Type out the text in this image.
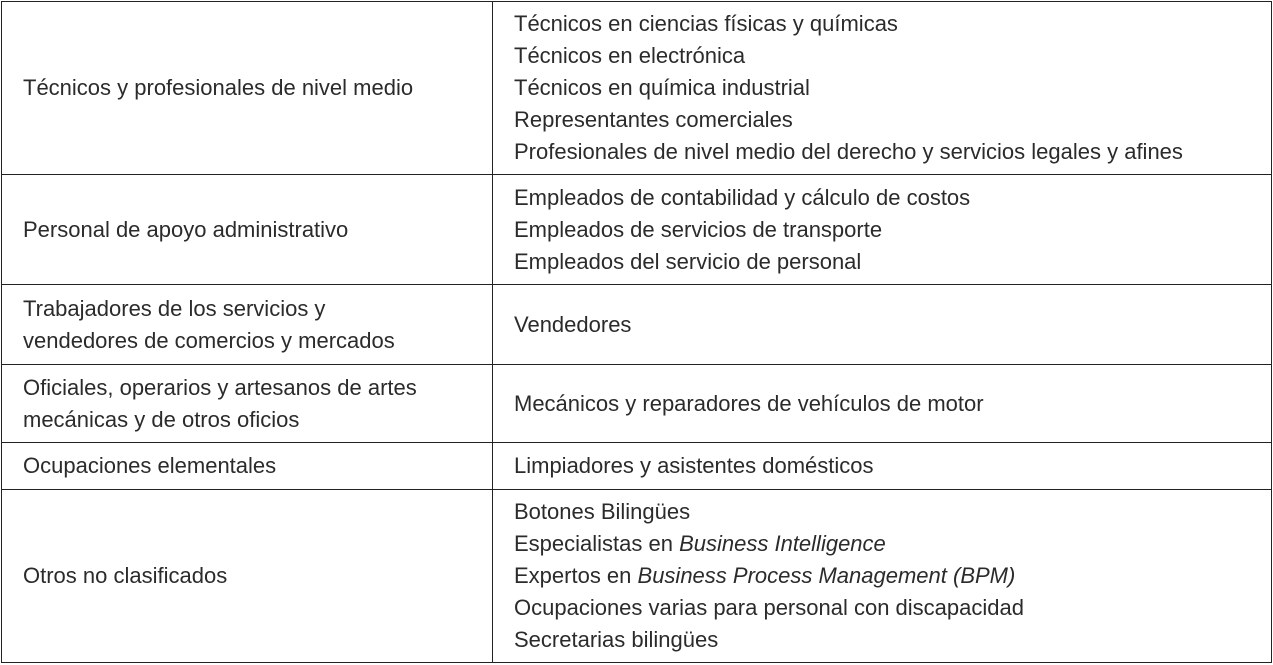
Técnicos y profesionales de nivel medio	Técnicos en ciencias físicas y químicas
Técnicos en electrónica
Técnicos en química industrial
Representantes comerciales
Profesionales de nivel medio del derecho y servicios legales y afines

Personal de apoyo administrativo	Empleados de contabilidad y cálculo de costos
Empleados de servicios de transporte
Empleados del servicio de personal

Trabajadores de los servicios y
vendedores de comercios y mercados	Vendedores

Oficiales, operarios y artesanos de artes
mecánicas y de otros oficios	Mecánicos y reparadores de vehículos de motor

Ocupaciones elementales	Limpiadores y asistentes domésticos

Otros no clasificados	Botones Bilingües
Especialistas en Business Intelligence
Expertos en Business Process Management (BPM)
Ocupaciones varias para personal con discapacidad
Secretarias bilingües
